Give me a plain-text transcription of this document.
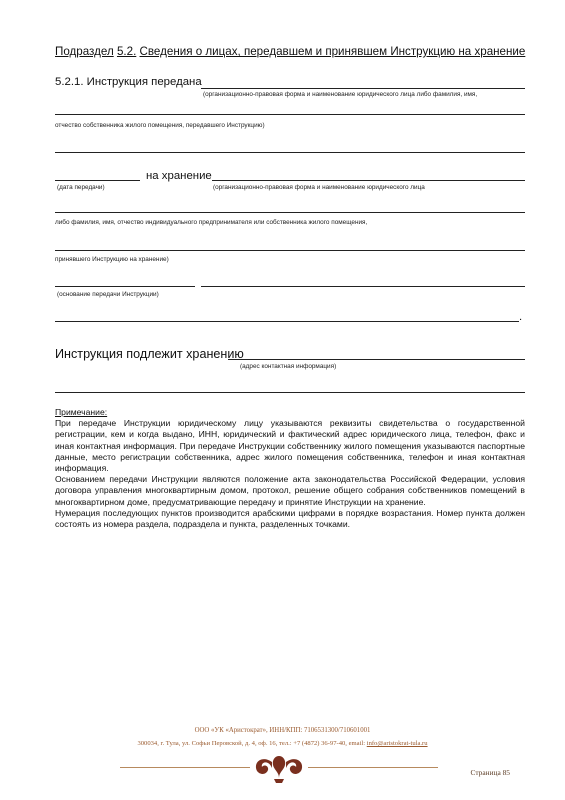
Подраздел 5.2. Сведения о лицах, передавшем и принявшем Инструкцию на хранение
5.2.1. Инструкция передана
(организационно-правовая форма и наименование юридического лица либо фамилия, имя,
отчество собственника жилого помещения, передавшего Инструкцию)
на хранение
(дата передачи)	(организационно-правовая форма и наименование юридического лица
либо фамилия, имя, отчество индивидуального предпринимателя или собственника жилого помещения,
принявшего Инструкцию на хранение)
(основание передачи Инструкции)
.
Инструкция подлежит хранению
(адрес контактная информация)
Примечание:

При передаче Инструкции юридическому лицу указываются реквизиты свидетельства о государственной регистрации, кем и когда выдано, ИНН, юридический и фактический адрес юридического лица, телефон, факс и иная контактная информация. При передаче Инструкции собственнику жилого помещения указываются паспортные данные, место регистрации собственника, адрес жилого помещения собственника, телефон и иная контактная информация.

Основанием передачи Инструкции являются положение акта законодательства Российской Федерации, условия договора управления многоквартирным домом, протокол, решение общего собрания собственников помещений в многоквартирном доме, предусматривающие передачу и принятие Инструкции на хранение.

Нумерация последующих пунктов производится арабскими цифрами в порядке возрастания. Номер пункта должен состоять из номера раздела, подраздела и пункта, разделенных точками.

ООО «УК «Аристократ», ИНН/КПП: 7106531300/710601001
300034, г. Тула, ул. Софьи Перовской, д. 4, оф. 16, тел.: +7 (4872) 36-97-40, email: info@aristokrat-tula.ru
Страница 85
